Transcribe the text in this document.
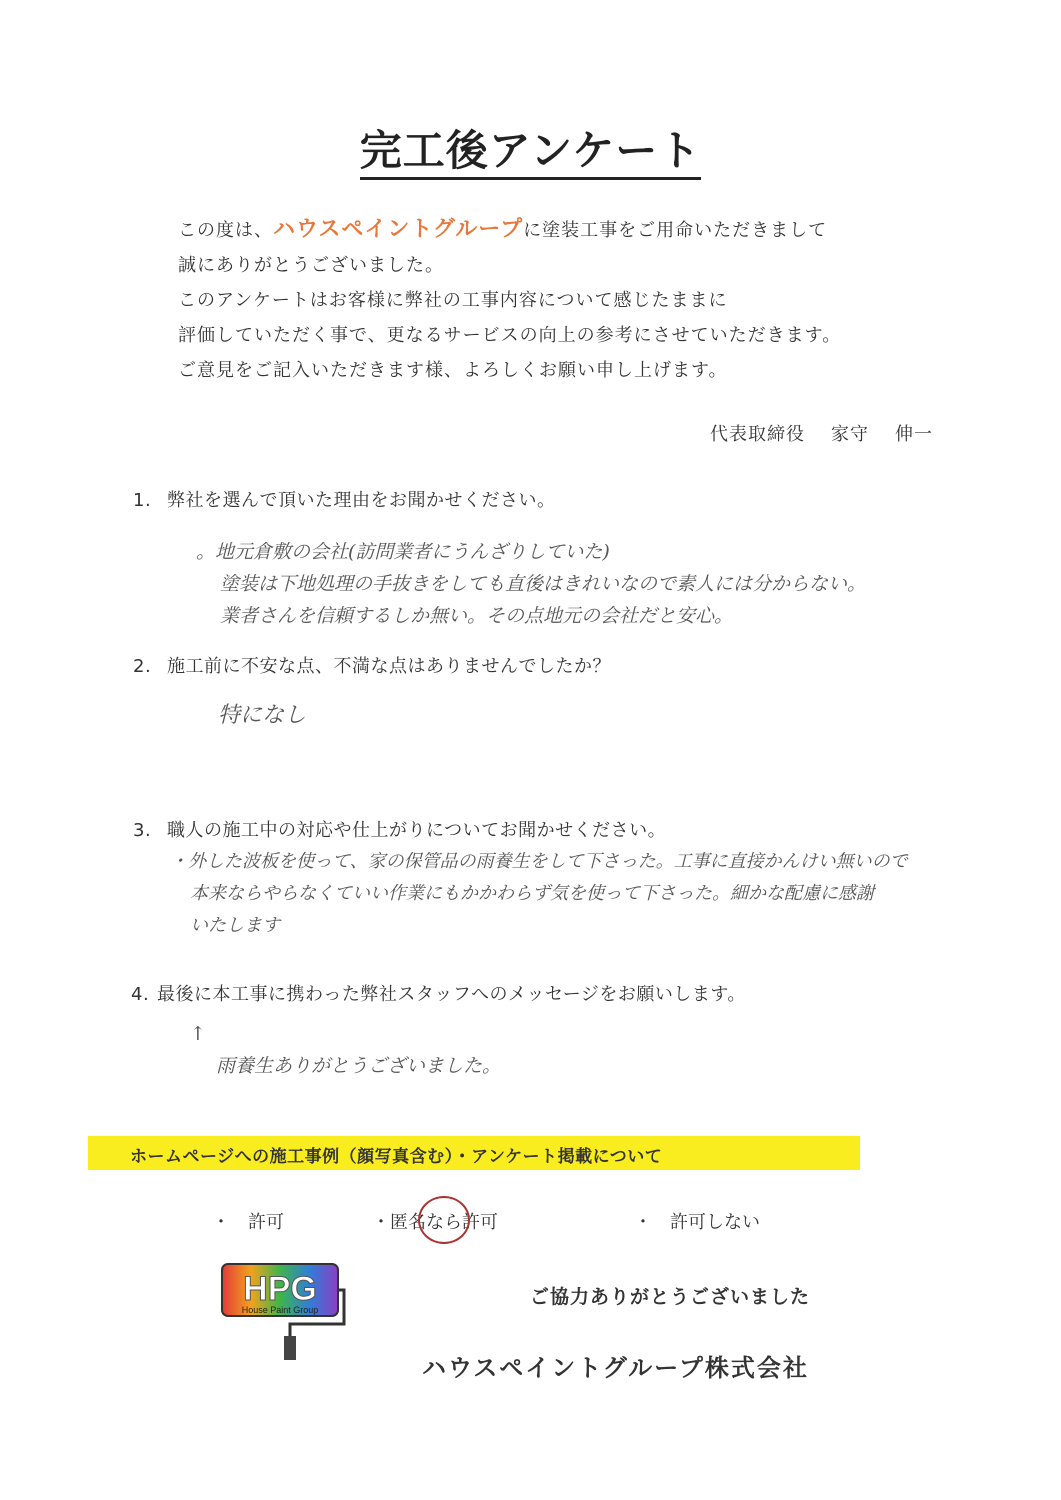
完工後アンケート

この度は、ハウスペイントグループに塗装工事をご用命いただきまして

誠にありがとうございました。

このアンケートはお客様に弊社の工事内容について感じたままに

評価していただく事で、更なるサービスの向上の参考にさせていただきます。

ご意見をご記入いただきます様、よろしくお願い申し上げます。

代表取締役 家守 伸一
1. 弊社を選んで頂いた理由をお聞かせください。

。地元倉敷の会社(訪問業者にうんざりしていた)

塗装は下地処理の手抜きをしても直後はきれいなので素人には分からない。

業者さんを信頼するしか無い。その点地元の会社だと安心。

2. 施工前に不安な点、不満な点はありませんでしたか？

特になし

3. 職人の施工中の対応や仕上がりについてお聞かせください。

・外した波板を使って、家の保管品の雨養生をして下さった。工事に直接かんけい無いので

本来ならやらなくていい作業にもかかわらず気を使って下さった。細かな配慮に感謝

いたします

4. 最後に本工事に携わった弊社スタッフへのメッセージをお願いします。

↑

雨養生ありがとうございました。

ホームページへの施工事例（顔写真含む）・アンケート掲載について
・　許可	・匿名なら許可	・　許可しない
HPG
House Paint Group
ご協力ありがとうございました
ハウスペイントグループ株式会社
